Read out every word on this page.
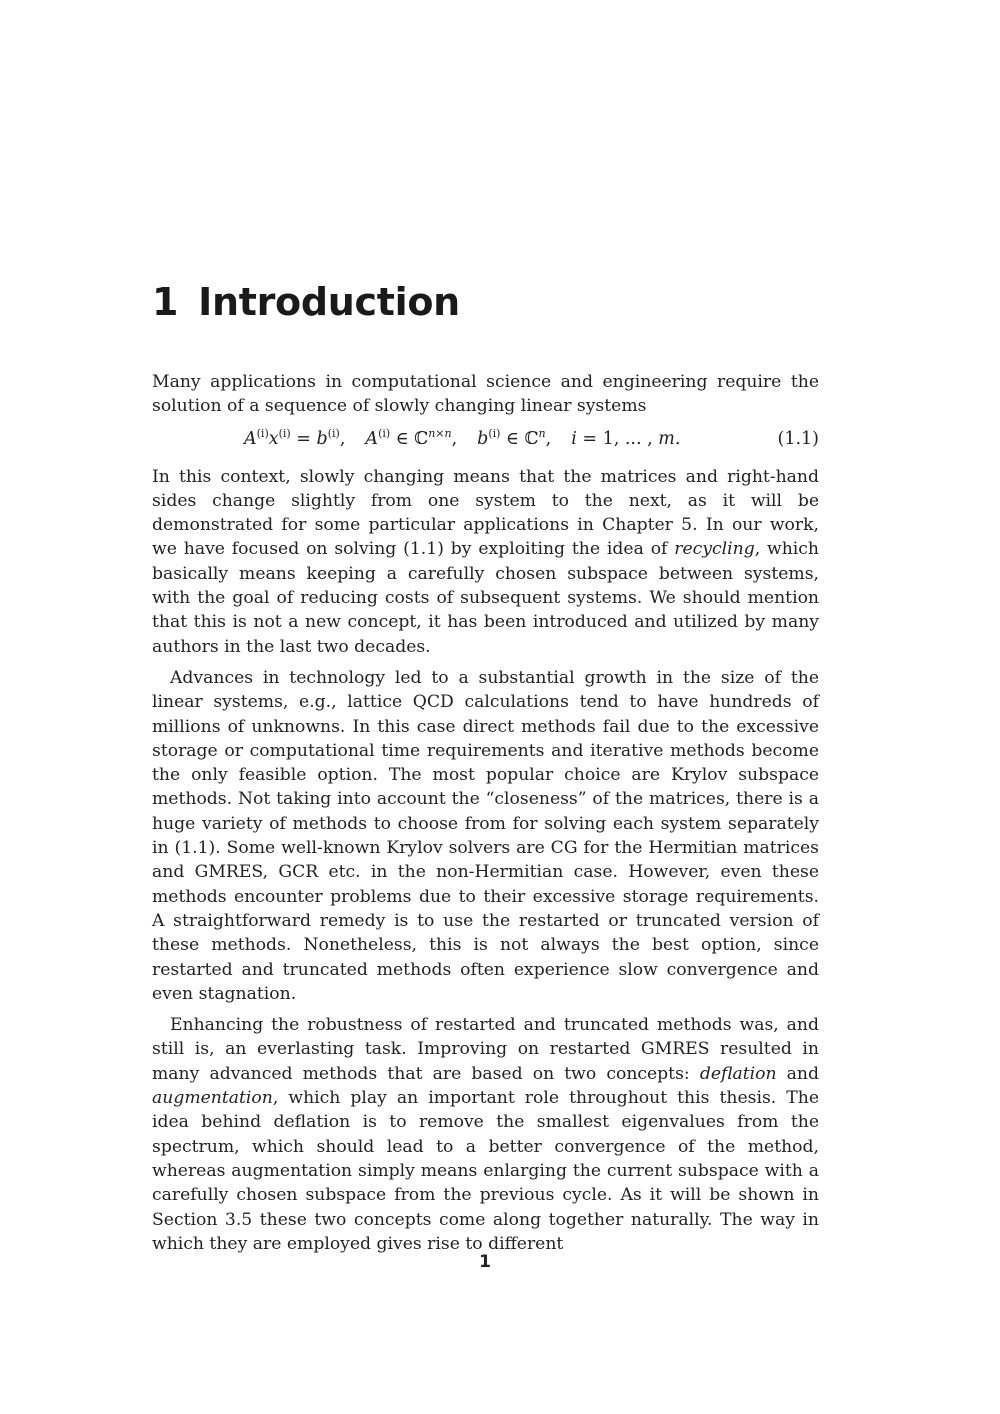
1 Introduction

Many applications in computational science and engineering require the solution of a sequence of slowly changing linear systems

$A^{(i)}x^{(i)} = b^{(i)}$, $A^{(i)}$ ∈ ℂ$^{n\times n}$, $b^{(i)}$ ∈ ℂ$^n$, i = 1, ... , m.	(1.1)

In this context, slowly changing means that the matrices and right-hand sides change slightly from one system to the next, as it will be demonstrated for some particular applications in Chapter 5. In our work, we have focused on solving (1.1) by exploiting the idea of recycling, which basically means keeping a carefully chosen subspace between systems, with the goal of reducing costs of subsequent systems. We should mention that this is not a new concept, it has been introduced and utilized by many authors in the last two decades.

Advances in technology led to a substantial growth in the size of the linear systems, e.g., lattice QCD calculations tend to have hundreds of millions of unknowns. In this case direct methods fail due to the excessive storage or computational time requirements and iterative methods become the only feasible option. The most popular choice are Krylov subspace methods. Not taking into account the “closeness” of the matrices, there is a huge variety of methods to choose from for solving each system separately in (1.1). Some well-known Krylov solvers are CG for the Hermitian matrices and GMRES, GCR etc. in the non-Hermitian case. However, even these methods encounter problems due to their excessive storage requirements. A straightforward remedy is to use the restarted or truncated version of these methods. Nonetheless, this is not always the best option, since restarted and truncated methods often experience slow convergence and even stagnation.

Enhancing the robustness of restarted and truncated methods was, and still is, an everlasting task. Improving on restarted GMRES resulted in many advanced methods that are based on two concepts: deflation and augmentation, which play an important role throughout this thesis. The idea behind deflation is to remove the smallest eigenvalues from the spectrum, which should lead to a better convergence of the method, whereas augmentation simply means enlarging the current subspace with a carefully chosen subspace from the previous cycle. As it will be shown in Section 3.5 these two concepts come along together naturally. The way in which they are employed gives rise to different

1
